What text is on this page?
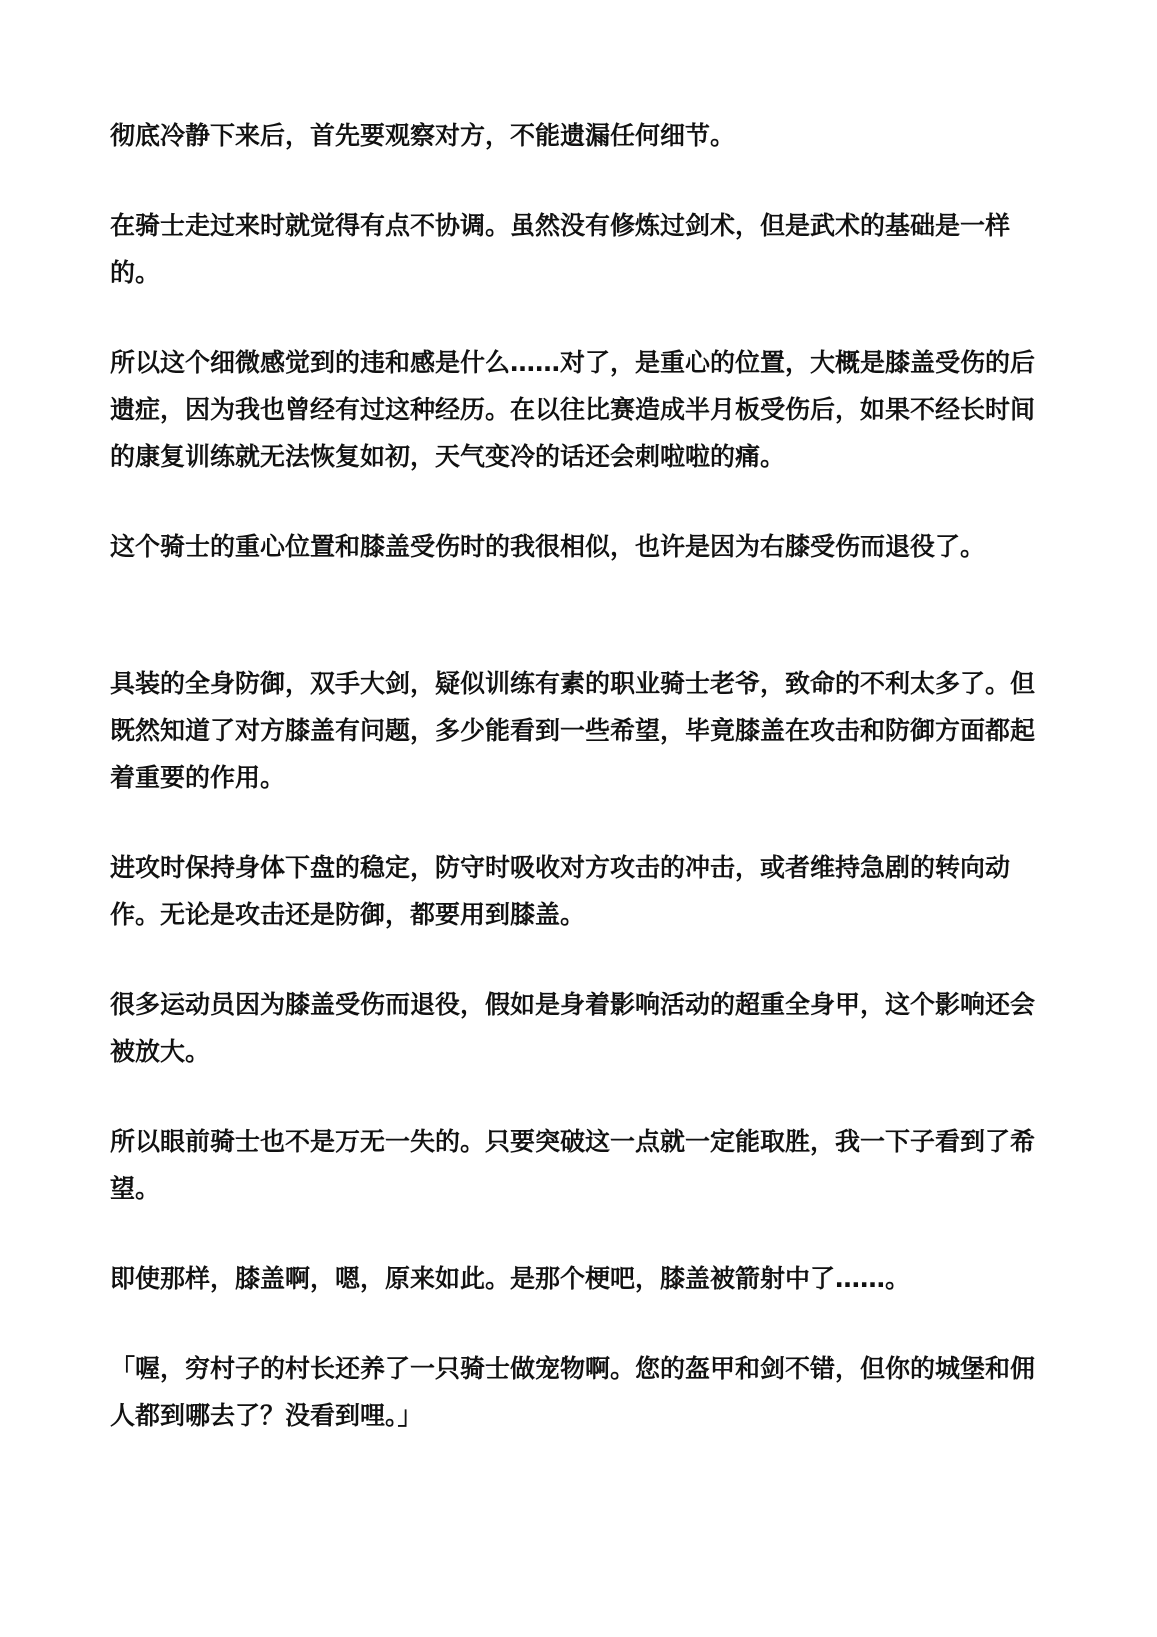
彻底冷静下来后，首先要观察对方，不能遗漏任何细节。

在骑士走过来时就觉得有点不协调。虽然没有修炼过剑术，但是武术的基础是一样的。

所以这个细微感觉到的违和感是什么……对了，是重心的位置，大概是膝盖受伤的后遗症，因为我也曾经有过这种经历。在以往比赛造成半月板受伤后，如果不经长时间的康复训练就无法恢复如初，天气变冷的话还会刺啦啦的痛。

这个骑士的重心位置和膝盖受伤时的我很相似，也许是因为右膝受伤而退役了。

具装的全身防御，双手大剑，疑似训练有素的职业骑士老爷，致命的不利太多了。但既然知道了对方膝盖有问题，多少能看到一些希望，毕竟膝盖在攻击和防御方面都起着重要的作用。

进攻时保持身体下盘的稳定，防守时吸收对方攻击的冲击，或者维持急剧的转向动作。无论是攻击还是防御，都要用到膝盖。

很多运动员因为膝盖受伤而退役，假如是身着影响活动的超重全身甲，这个影响还会被放大。

所以眼前骑士也不是万无一失的。只要突破这一点就一定能取胜，我一下子看到了希望。

即使那样，膝盖啊，嗯，原来如此。是那个梗吧，膝盖被箭射中了……。

「喔，穷村子的村长还养了一只骑士做宠物啊。您的盔甲和剑不错，但你的城堡和佣人都到哪去了？没看到哩。」
